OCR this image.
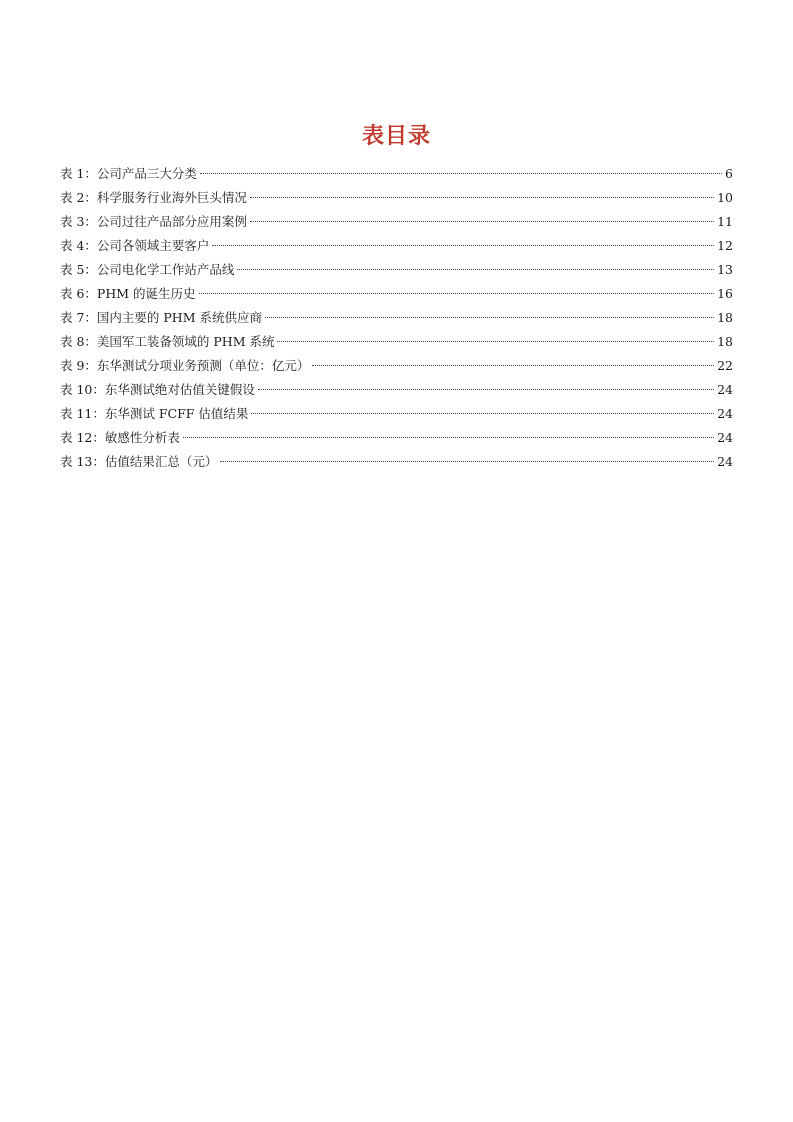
表目录
表 1：公司产品三大分类	6
表 2：科学服务行业海外巨头情况	10
表 3：公司过往产品部分应用案例	11
表 4：公司各领域主要客户	12
表 5：公司电化学工作站产品线	13
表 6：PHM 的诞生历史	16
表 7：国内主要的 PHM 系统供应商	18
表 8：美国军工装备领域的 PHM 系统	18
表 9：东华测试分项业务预测（单位：亿元）	22
表 10：东华测试绝对估值关键假设	24
表 11：东华测试 FCFF 估值结果	24
表 12：敏感性分析表	24
表 13：估值结果汇总（元）	24
